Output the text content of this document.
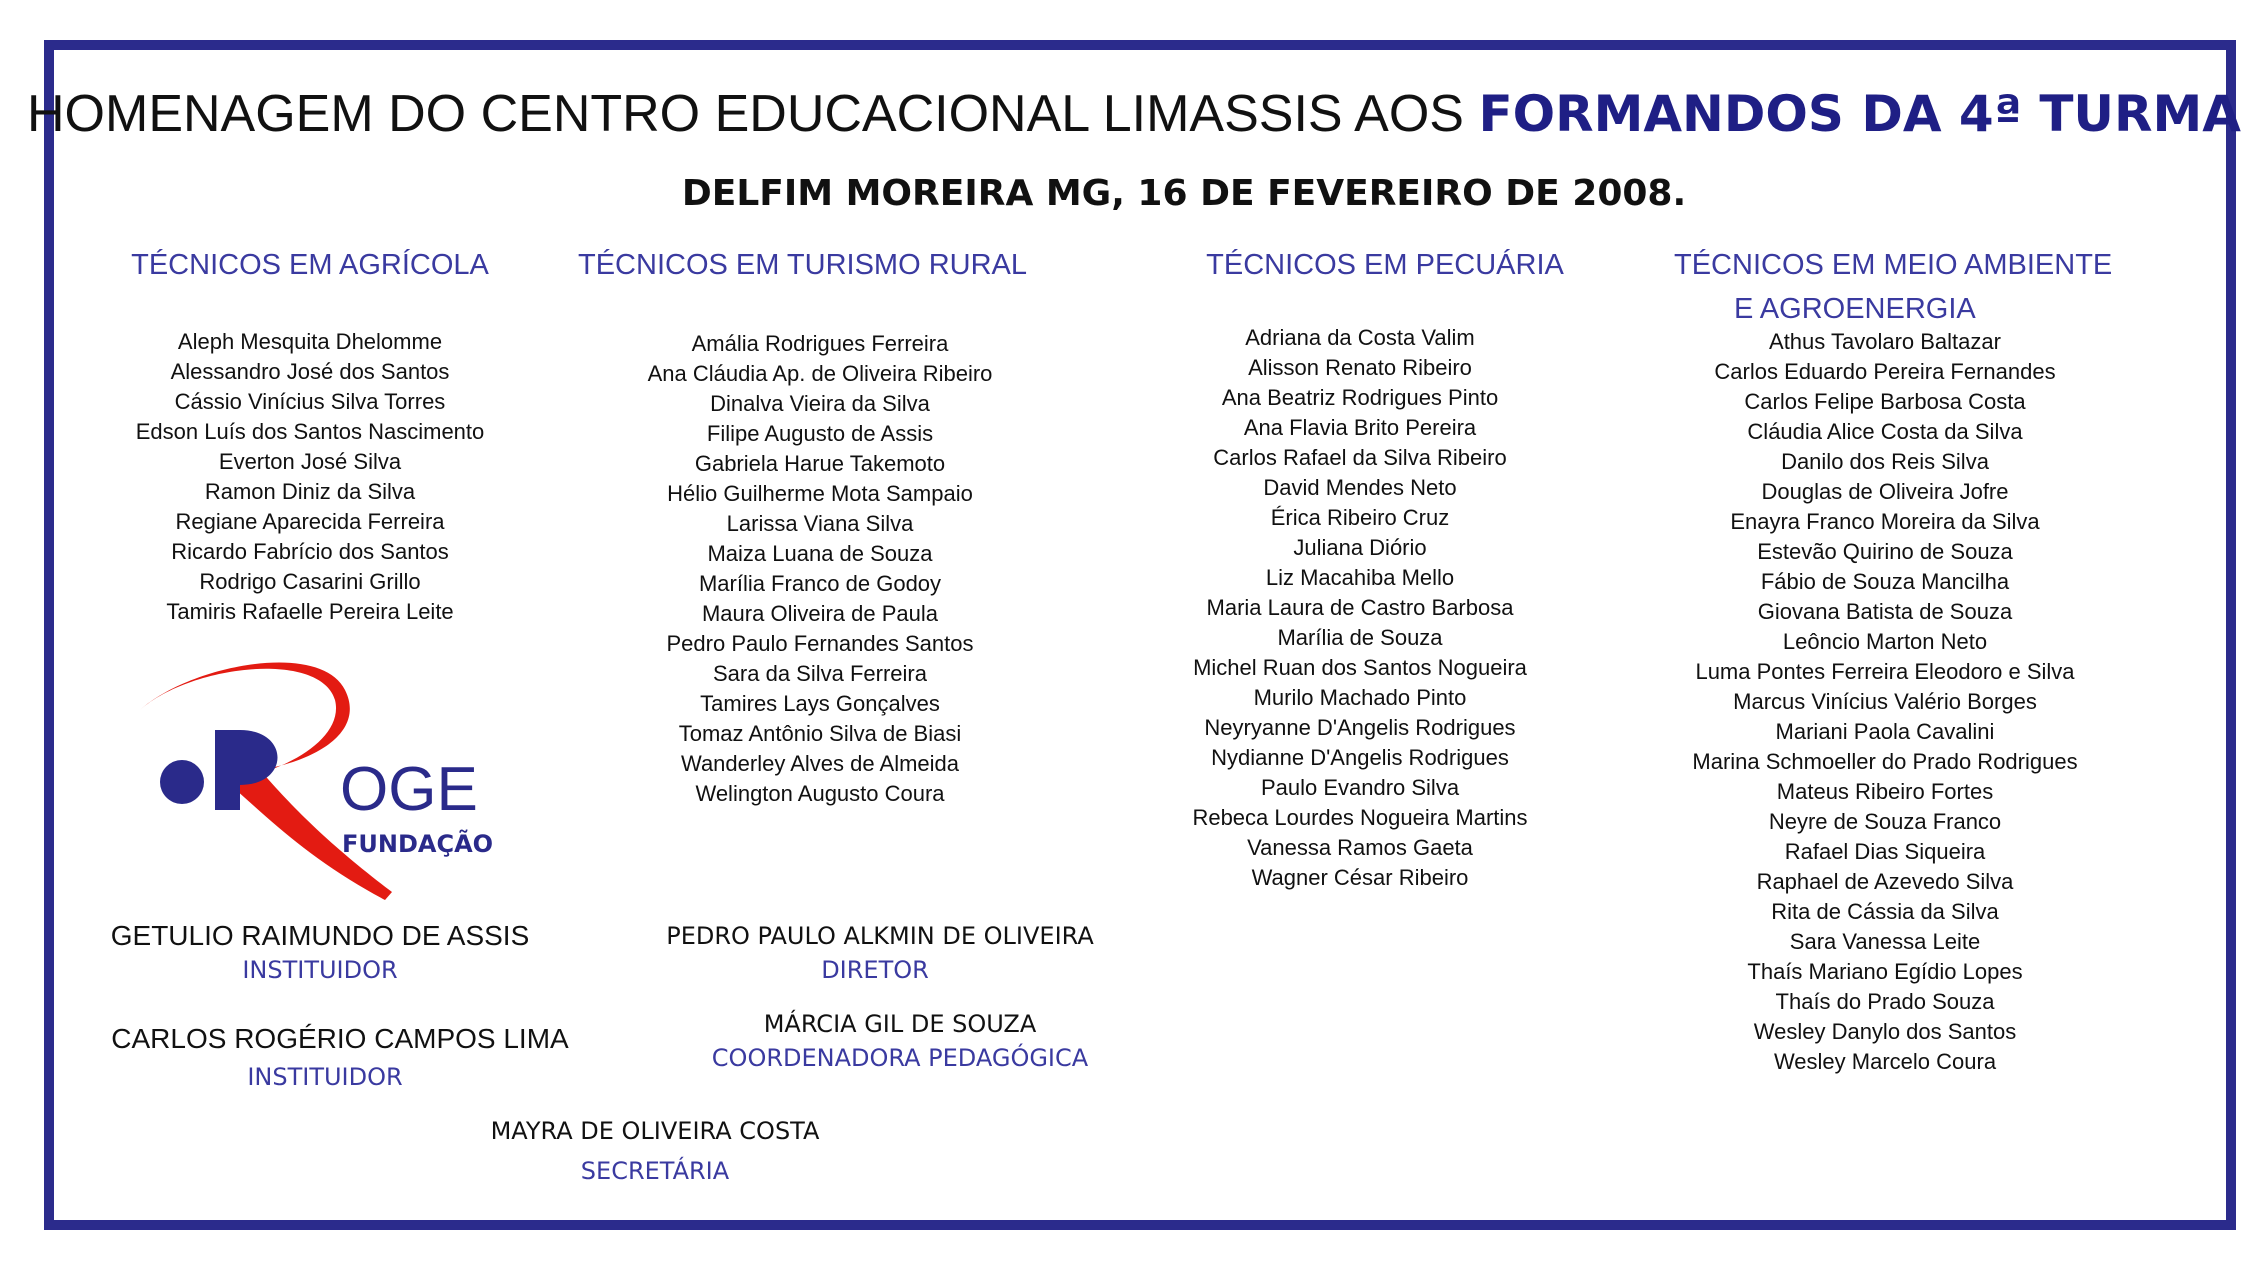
HOMENAGEM DO CENTRO EDUCACIONAL LIMASSIS AOS FORMANDOS DA 4ª TURMA
DELFIM MOREIRA MG, 16 DE FEVEREIRO DE 2008.
TÉCNICOS EM AGRÍCOLA
Aleph Mesquita Dhelomme
Alessandro José dos Santos
Cássio Vinícius Silva Torres
Edson Luís dos Santos Nascimento
Everton José Silva
Ramon Diniz da Silva
Regiane Aparecida Ferreira
Ricardo Fabrício dos Santos
Rodrigo Casarini Grillo
Tamiris Rafaelle Pereira Leite
TÉCNICOS EM TURISMO RURAL
Amália Rodrigues Ferreira
Ana Cláudia Ap. de Oliveira Ribeiro
Dinalva Vieira da Silva
Filipe Augusto de Assis
Gabriela Harue Takemoto
Hélio Guilherme Mota Sampaio
Larissa Viana Silva
Maiza Luana de Souza
Marília Franco de Godoy
Maura Oliveira de Paula
Pedro Paulo Fernandes Santos
Sara da Silva Ferreira
Tamires Lays Gonçalves
Tomaz Antônio Silva de Biasi
Wanderley Alves de Almeida
Welington Augusto Coura
TÉCNICOS EM PECUÁRIA
Adriana da Costa Valim
Alisson Renato Ribeiro
Ana Beatriz Rodrigues Pinto
Ana Flavia Brito Pereira
Carlos Rafael da Silva Ribeiro
David Mendes Neto
Érica Ribeiro Cruz
Juliana Diório
Liz Macahiba Mello
Maria Laura de Castro Barbosa
Marília de Souza
Michel Ruan dos Santos Nogueira
Murilo Machado Pinto
Neyryanne D'Angelis Rodrigues
Nydianne D'Angelis Rodrigues
Paulo Evandro Silva
Rebeca Lourdes Nogueira Martins
Vanessa Ramos Gaeta
Wagner César Ribeiro
TÉCNICOS EM MEIO AMBIENTE
E AGROENERGIA
Athus Tavolaro Baltazar
Carlos Eduardo Pereira Fernandes
Carlos Felipe Barbosa Costa
Cláudia Alice Costa da Silva
Danilo dos Reis Silva
Douglas de Oliveira Jofre
Enayra Franco Moreira da Silva
Estevão Quirino de Souza
Fábio de Souza Mancilha
Giovana Batista de Souza
Leôncio Marton Neto
Luma Pontes Ferreira Eleodoro e Silva
Marcus Vinícius Valério Borges
Mariani Paola Cavalini
Marina Schmoeller do Prado Rodrigues
Mateus Ribeiro Fortes
Neyre de Souza Franco
Rafael Dias Siqueira
Raphael de Azevedo Silva
Rita de Cássia da Silva
Sara Vanessa Leite
Thaís Mariano Egídio Lopes
Thaís do Prado Souza
Wesley Danylo dos Santos
Wesley Marcelo Coura
OGE
FUNDAÇÃO
GETULIO RAIMUNDO DE ASSIS
INSTITUIDOR
CARLOS ROGÉRIO CAMPOS LIMA
INSTITUIDOR
MAYRA DE OLIVEIRA COSTA
SECRETÁRIA
PEDRO PAULO ALKMIN DE OLIVEIRA
DIRETOR
MÁRCIA GIL DE SOUZA
COORDENADORA PEDAGÓGICA
